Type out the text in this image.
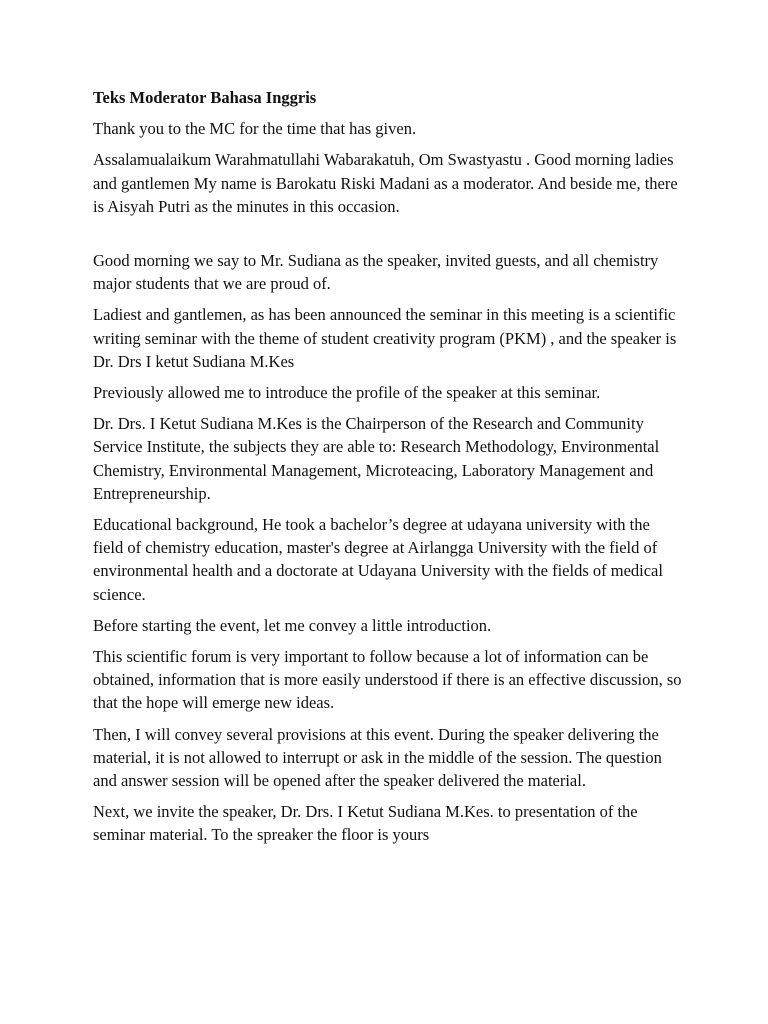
Teks Moderator Bahasa Inggris

Thank you to the MC for the time that has given.

Assalamualaikum Warahmatullahi Wabarakatuh, Om Swastyastu . Good morning ladies and gantlemen My name is Barokatu Riski Madani as a moderator. And beside me, there is Aisyah Putri as the minutes in this occasion.

Good morning we say to Mr. Sudiana as the speaker, invited guests, and all chemistry major students that we are proud of.

Ladiest and gantlemen, as has been announced the seminar in this meeting is a scientific writing seminar with the theme of student creativity program (PKM) , and the speaker is Dr. Drs I ketut Sudiana M.Kes

Previously allowed me to introduce the profile of the speaker at this seminar.

Dr. Drs. I Ketut Sudiana M.Kes is the Chairperson of the Research and Community Service Institute, the subjects they are able to: Research Methodology, Environmental Chemistry, Environmental Management, Microteacing, Laboratory Management and Entrepreneurship.

Educational background, He took a bachelor’s degree at udayana university with the field of chemistry education, master's degree at Airlangga University with the field of environmental health and a doctorate at Udayana University with the fields of medical science.

Before starting the event, let me convey a little introduction.

This scientific forum is very important to follow because a lot of information can be obtained, information that is more easily understood if there is an effective discussion, so that the hope will emerge new ideas.

Then, I will convey several provisions at this event. During the speaker delivering the material, it is not allowed to interrupt or ask in the middle of the session. The question and answer session will be opened after the speaker delivered the material.

Next, we invite the speaker, Dr. Drs. I Ketut Sudiana M.Kes. to presentation of the seminar material. To the spreaker the floor is yours
